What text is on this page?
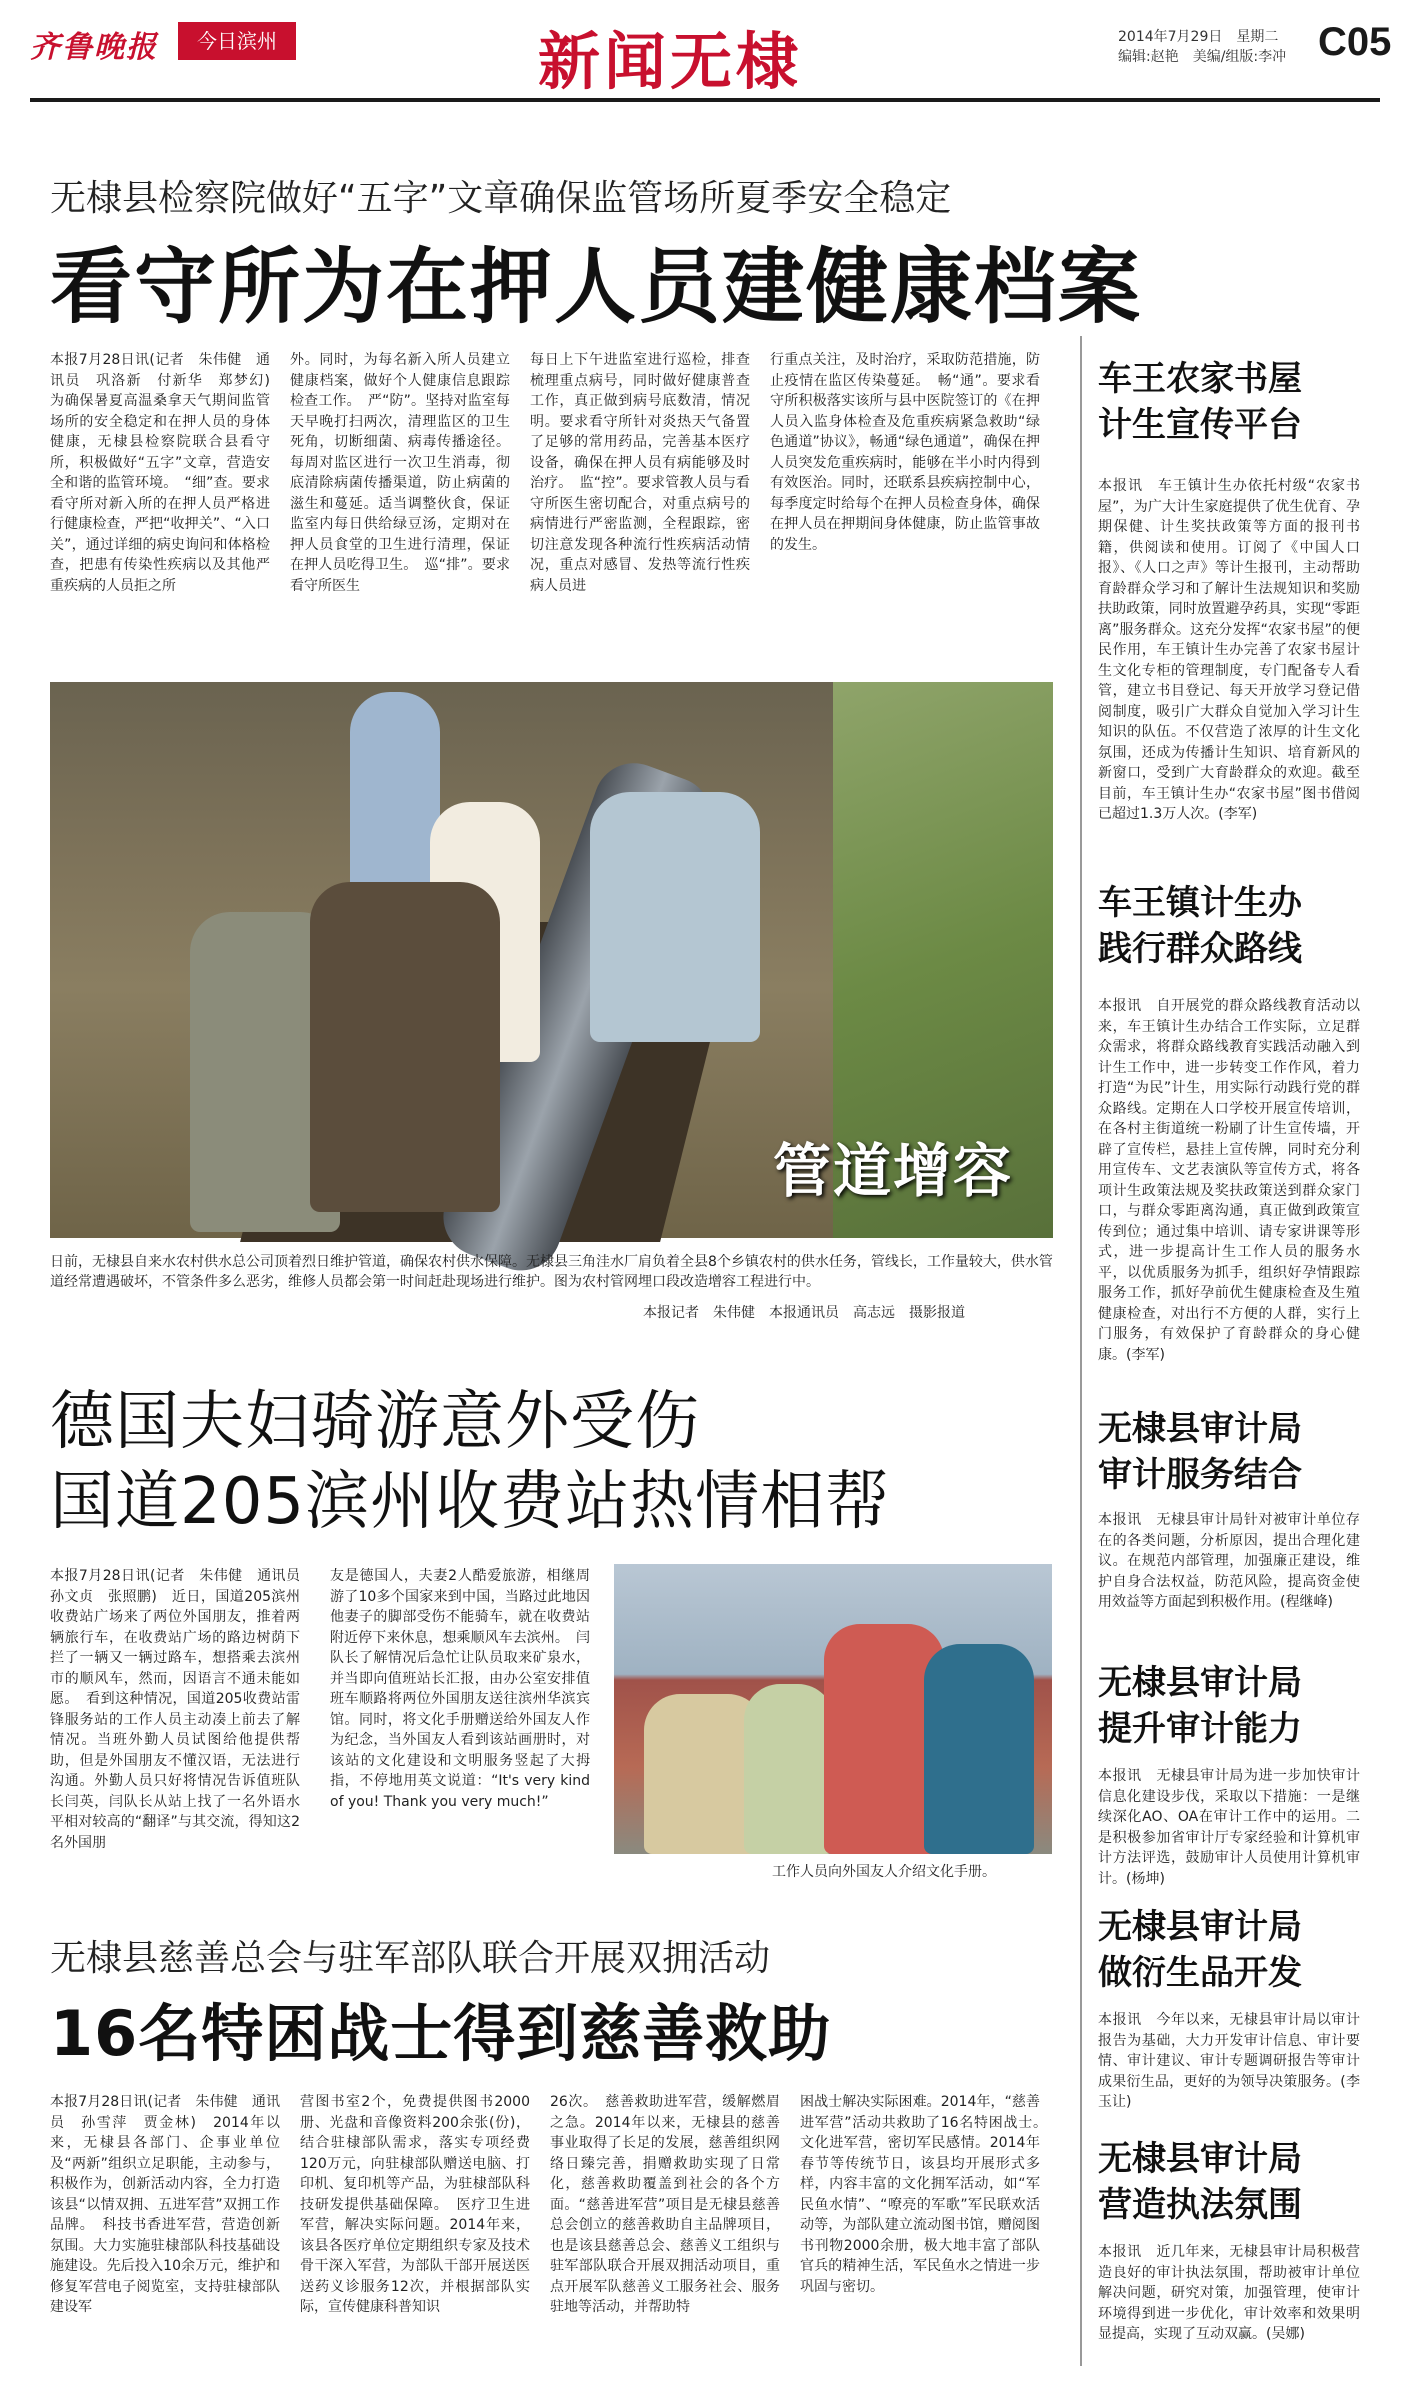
齐鲁晚报	今日滨州	新闻无棣	2014年7月29日　星期二
编辑:赵艳　美编/组版:李冲 C05
无棣县检察院做好“五字”文章确保监管场所夏季安全稳定
看守所为在押人员建健康档案
本报7月28日讯(记者　朱伟健　通讯员　巩洛新　付新华　郑梦幻)　为确保暑夏高温桑拿天气期间监管场所的安全稳定和在押人员的身体健康，无棣县检察院联合县看守所，积极做好“五字”文章，营造安全和谐的监管环境。　“细”查。要求看守所对新入所的在押人员严格进行健康检查，严把“收押关”、“入口关”，通过详细的病史询问和体格检查，把患有传染性疾病以及其他严重疾病的人员拒之所
外。同时，为每名新入所人员建立健康档案，做好个人健康信息跟踪检查工作。　严“防”。坚持对监室每天早晚打扫两次，清理监区的卫生死角，切断细菌、病毒传播途径。每周对监区进行一次卫生消毒，彻底清除病菌传播渠道，防止病菌的滋生和蔓延。适当调整伙食，保证监室内每日供给绿豆汤，定期对在押人员食堂的卫生进行清理，保证在押人员吃得卫生。　巡“排”。要求看守所医生
每日上下午进监室进行巡检，排查梳理重点病号，同时做好健康普查工作，真正做到病号底数清，情况明。要求看守所针对炎热天气备置了足够的常用药品，完善基本医疗设备，确保在押人员有病能够及时治疗。　监“控”。要求管教人员与看守所医生密切配合，对重点病号的病情进行严密监测，全程跟踪，密切注意发现各种流行性疾病活动情况，重点对感冒、发热等流行性疾病人员进
行重点关注，及时治疗，采取防范措施，防止疫情在监区传染蔓延。　畅“通”。要求看守所积极落实该所与县中医院签订的《在押人员入监身体检查及危重疾病紧急救助“绿色通道”协议》，畅通“绿色通道”，确保在押人员突发危重疾病时，能够在半小时内得到有效医治。同时，还联系县疾病控制中心，每季度定时给每个在押人员检查身体，确保在押人员在押期间身体健康，防止监管事故的发生。
管道增容
日前，无棣县自来水农村供水总公司顶着烈日维护管道，确保农村供水保障。无棣县三角洼水厂肩负着全县8个乡镇农村的供水任务，管线长，工作量较大，供水管道经常遭遇破坏，不管条件多么恶劣，维修人员都会第一时间赶赴现场进行维护。图为农村管网埋口段改造增容工程进行中。
本报记者　朱伟健　本报通讯员　高志远　摄影报道
德国夫妇骑游意外受伤
国道205滨州收费站热情相帮
本报7月28日讯(记者　朱伟健　通讯员　孙文贞　张照鹏)　近日，国道205滨州收费站广场来了两位外国朋友，推着两辆旅行车，在收费站广场的路边树荫下拦了一辆又一辆过路车，想搭乘去滨州市的顺风车，然而，因语言不通未能如愿。　看到这种情况，国道205收费站雷锋服务站的工作人员主动凑上前去了解情况。当班外勤人员试图给他提供帮助，但是外国朋友不懂汉语，无法进行沟通。外勤人员只好将情况告诉值班队长闫英，闫队长从站上找了一名外语水平相对较高的“翻译”与其交流，得知这2名外国朋
友是德国人，夫妻2人酷爱旅游，相继周游了10多个国家来到中国，当路过此地因他妻子的脚部受伤不能骑车，就在收费站附近停下来休息，想乘顺风车去滨州。　闫队长了解情况后急忙让队员取来矿泉水，并当即向值班站长汇报，由办公室安排值班车顺路将两位外国朋友送往滨州华滨宾馆。同时，将文化手册赠送给外国友人作为纪念，当外国友人看到该站画册时，对该站的文化建设和文明服务竖起了大拇指，不停地用英文说道：“It's very kind of you! Thank you very much!”
工作人员向外国友人介绍文化手册。
无棣县慈善总会与驻军部队联合开展双拥活动
16名特困战士得到慈善救助
本报7月28日讯(记者　朱伟健　通讯员　孙雪萍　贾金林)　2014年以来，无棣县各部门、企事业单位及“两新”组织立足职能，主动参与，积极作为，创新活动内容，全力打造该县“以情双拥、五进军营”双拥工作品牌。　科技书香进军营，营造创新氛围。大力实施驻棣部队科技基础设施建设。先后投入10余万元，维护和修复军营电子阅览室，支持驻棣部队建设军
营图书室2个，免费提供图书2000册、光盘和音像资料200余张(份)，结合驻棣部队需求，落实专项经费120万元，向驻棣部队赠送电脑、打印机、复印机等产品，为驻棣部队科技研发提供基础保障。　医疗卫生进军营，解决实际问题。2014年来，该县各医疗单位定期组织专家及技术骨干深入军营，为部队干部开展送医送药义诊服务12次，并根据部队实际，宣传健康科普知识
26次。　慈善救助进军营，缓解燃眉之急。2014年以来，无棣县的慈善事业取得了长足的发展，慈善组织网络日臻完善，捐赠救助实现了日常化，慈善救助覆盖到社会的各个方面。“慈善进军营”项目是无棣县慈善总会创立的慈善救助自主品牌项目，也是该县慈善总会、慈善义工组织与驻军部队联合开展双拥活动项目，重点开展军队慈善义工服务社会、服务驻地等活动，并帮助特
困战士解决实际困难。2014年，“慈善进军营”活动共救助了16名特困战士。　文化进军营，密切军民感情。2014年春节等传统节日，该县均开展形式多样，内容丰富的文化拥军活动，如“军民鱼水情”、“嘹亮的军歌”军民联欢活动等，为部队建立流动图书馆，赠阅图书刊物2000余册，极大地丰富了部队官兵的精神生活，军民鱼水之情进一步巩固与密切。
车王农家书屋
计生宣传平台
本报讯　车王镇计生办依托村级“农家书屋”，为广大计生家庭提供了优生优育、孕期保健、计生奖扶政策等方面的报刊书籍，供阅读和使用。订阅了《中国人口报》、《人口之声》等计生报刊，主动帮助育龄群众学习和了解计生法规知识和奖励扶助政策，同时放置避孕药具，实现“零距离”服务群众。这充分发挥“农家书屋”的便民作用，车王镇计生办完善了农家书屋计生文化专柜的管理制度，专门配备专人看管，建立书目登记、每天开放学习登记借阅制度，吸引广大群众自觉加入学习计生知识的队伍。不仅营造了浓厚的计生文化氛围，还成为传播计生知识、培育新风的新窗口，受到广大育龄群众的欢迎。截至目前，车王镇计生办“农家书屋”图书借阅已超过1.3万人次。(李军)
车王镇计生办
践行群众路线
本报讯　自开展党的群众路线教育活动以来，车王镇计生办结合工作实际，立足群众需求，将群众路线教育实践活动融入到计生工作中，进一步转变工作作风，着力打造“为民”计生，用实际行动践行党的群众路线。定期在人口学校开展宣传培训，在各村主街道统一粉刷了计生宣传墙，开辟了宣传栏，悬挂上宣传牌，同时充分利用宣传车、文艺表演队等宣传方式，将各项计生政策法规及奖扶政策送到群众家门口，与群众零距离沟通，真正做到政策宣传到位；通过集中培训、请专家讲课等形式，进一步提高计生工作人员的服务水平，以优质服务为抓手，组织好孕情跟踪服务工作，抓好孕前优生健康检查及生殖健康检查，对出行不方便的人群，实行上门服务，有效保护了育龄群众的身心健康。(李军)
无棣县审计局
审计服务结合
本报讯　无棣县审计局针对被审计单位存在的各类问题，分析原因，提出合理化建议。在规范内部管理，加强廉正建设，维护自身合法权益，防范风险，提高资金使用效益等方面起到积极作用。(程继峰)
无棣县审计局
提升审计能力
本报讯　无棣县审计局为进一步加快审计信息化建设步伐，采取以下措施：一是继续深化AO、OA在审计工作中的运用。二是积极参加省审计厅专家经验和计算机审计方法评选，鼓励审计人员使用计算机审计。(杨坤)
无棣县审计局
做衍生品开发
本报讯　今年以来，无棣县审计局以审计报告为基础，大力开发审计信息、审计要情、审计建议、审计专题调研报告等审计成果衍生品，更好的为领导决策服务。(李玉让)
无棣县审计局
营造执法氛围
本报讯　近几年来，无棣县审计局积极营造良好的审计执法氛围，帮助被审计单位解决问题，研究对策，加强管理，使审计环境得到进一步优化，审计效率和效果明显提高，实现了互动双赢。(吴娜)
